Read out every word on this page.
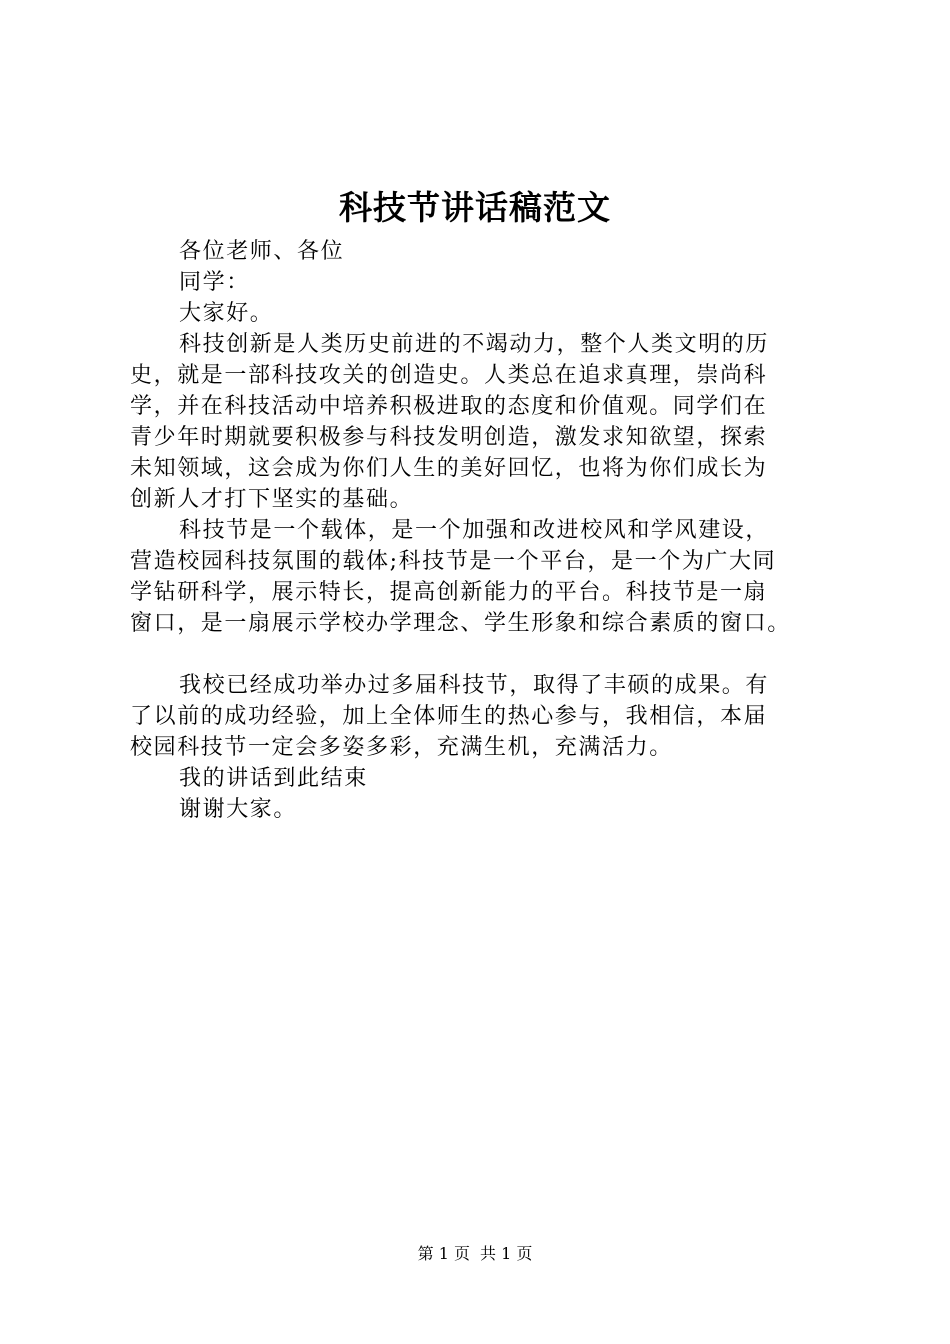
科技节讲话稿范文
各位老师、各位
同学：
大家好。
科技创新是人类历史前进的不竭动力，整个人类文明的历
史，就是一部科技攻关的创造史。人类总在追求真理，崇尚科
学，并在科技活动中培养积极进取的态度和价值观。同学们在
青少年时期就要积极参与科技发明创造，激发求知欲望，探索
未知领域，这会成为你们人生的美好回忆，也将为你们成长为
创新人才打下坚实的基础。
科技节是一个载体，是一个加强和改进校风和学风建设，
营造校园科技氛围的载体;科技节是一个平台，是一个为广大同
学钻研科学，展示特长，提高创新能力的平台。科技节是一扇
窗口，是一扇展示学校办学理念、学生形象和综合素质的窗口。
我校已经成功举办过多届科技节，取得了丰硕的成果。有
了以前的成功经验，加上全体师生的热心参与，我相信，本届
校园科技节一定会多姿多彩，充满生机，充满活力。
我的讲话到此结束
谢谢大家。
第 1 页 共 1 页
